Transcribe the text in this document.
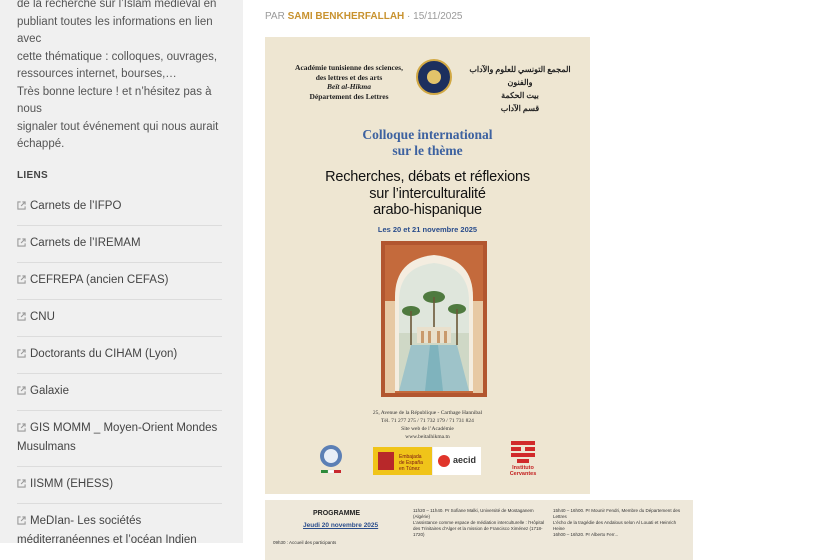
de la recherche sur l’Islam médiéval en

publiant toutes les informations en lien avec

cette thématique : colloques, ouvrages,

ressources internet, bourses,…

Très bonne lecture ! et n’hésitez pas à nous

signaler tout événement qui nous aurait

échappé.

LIENS
Carnets de l’IFPO
Carnets de l’IREMAM
CEFREPA (ancien CEFAS)
CNU
Doctorants du CIHAM (Lyon)
Galaxie
GIS MOMM _ Moyen-Orient Mondes Musulmans
IISMM (EHESS)
MeDIan- Les sociétés méditerranéennes et l’océan Indien
PAR SAMI BENKHERFALLAH · 15/11/2025
Académie tunisienne des sciences,
des lettres et des arts
Beït al-Hikma
Département des Lettres
المجمع التونسي للعلوم والآداب والفنون
بيت الحكمة
قسم الآداب
Colloque international
sur le thème
Recherches, débats et réflexions
sur l’interculturalité
arabo-hispanique
Les 20 et 21 novembre 2025
25, Avenue de la République - Carthage Hannibal
Tél. 71 277 275 / 71 732 179 / 71 731 824
Site web de l’Académie
www.beitalhikma.tn
Embajada de España en Túnez
aecid
Instituto Cervantes
PROGRAMME
Jeudi 20 novembre 2025
09h30 : Accueil des participants
11h20 – 11h40. Pr Sofiane Malki, Université de Mostaganem (Algérie)
L’assistance comme espace de médiation interculturelle : l’Hôpital des Trinitaires d’Alger et la mission de Francisco Ximénez (1718-1720)
15h40 – 16h00. Pr Mounir Fendri, Membre du Département des Lettres
L’écho de la tragédie des Andalous selon Al Louati et Heinrich Heine
16h00 – 16h20. Pr Alberto Ferr...
